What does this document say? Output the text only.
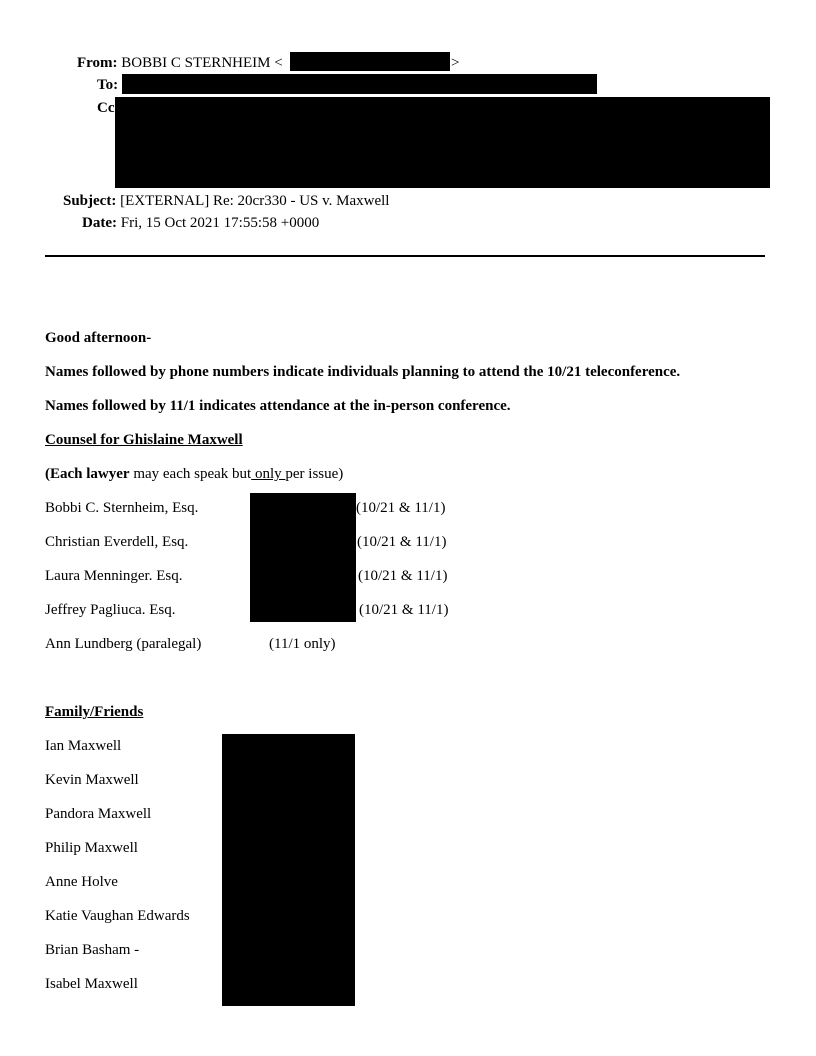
From: BOBBI C STERNHEIM <	>
To:
Cc
Subject: [EXTERNAL] Re: 20cr330 - US v. Maxwell
Date: Fri, 15 Oct 2021 17:55:58 +0000
Good afternoon-
Names followed by phone numbers indicate individuals planning to attend the 10/21 teleconference.
Names followed by 11/1 indicates attendance at the in-person conference.
Counsel for Ghislaine Maxwell
(Each lawyer may each speak but only per issue)
Bobbi C. Sternheim, Esq.	(10/21 & 11/1)
Christian Everdell, Esq.	(10/21 & 11/1)
Laura Menninger. Esq.	(10/21 & 11/1)
Jeffrey Pagliuca. Esq.	(10/21 & 11/1)
Ann Lundberg (paralegal)	(11/1 only)
Family/Friends
Ian Maxwell
Kevin Maxwell
Pandora Maxwell
Philip Maxwell
Anne Holve
Katie Vaughan Edwards
Brian Basham -
Isabel Maxwell
